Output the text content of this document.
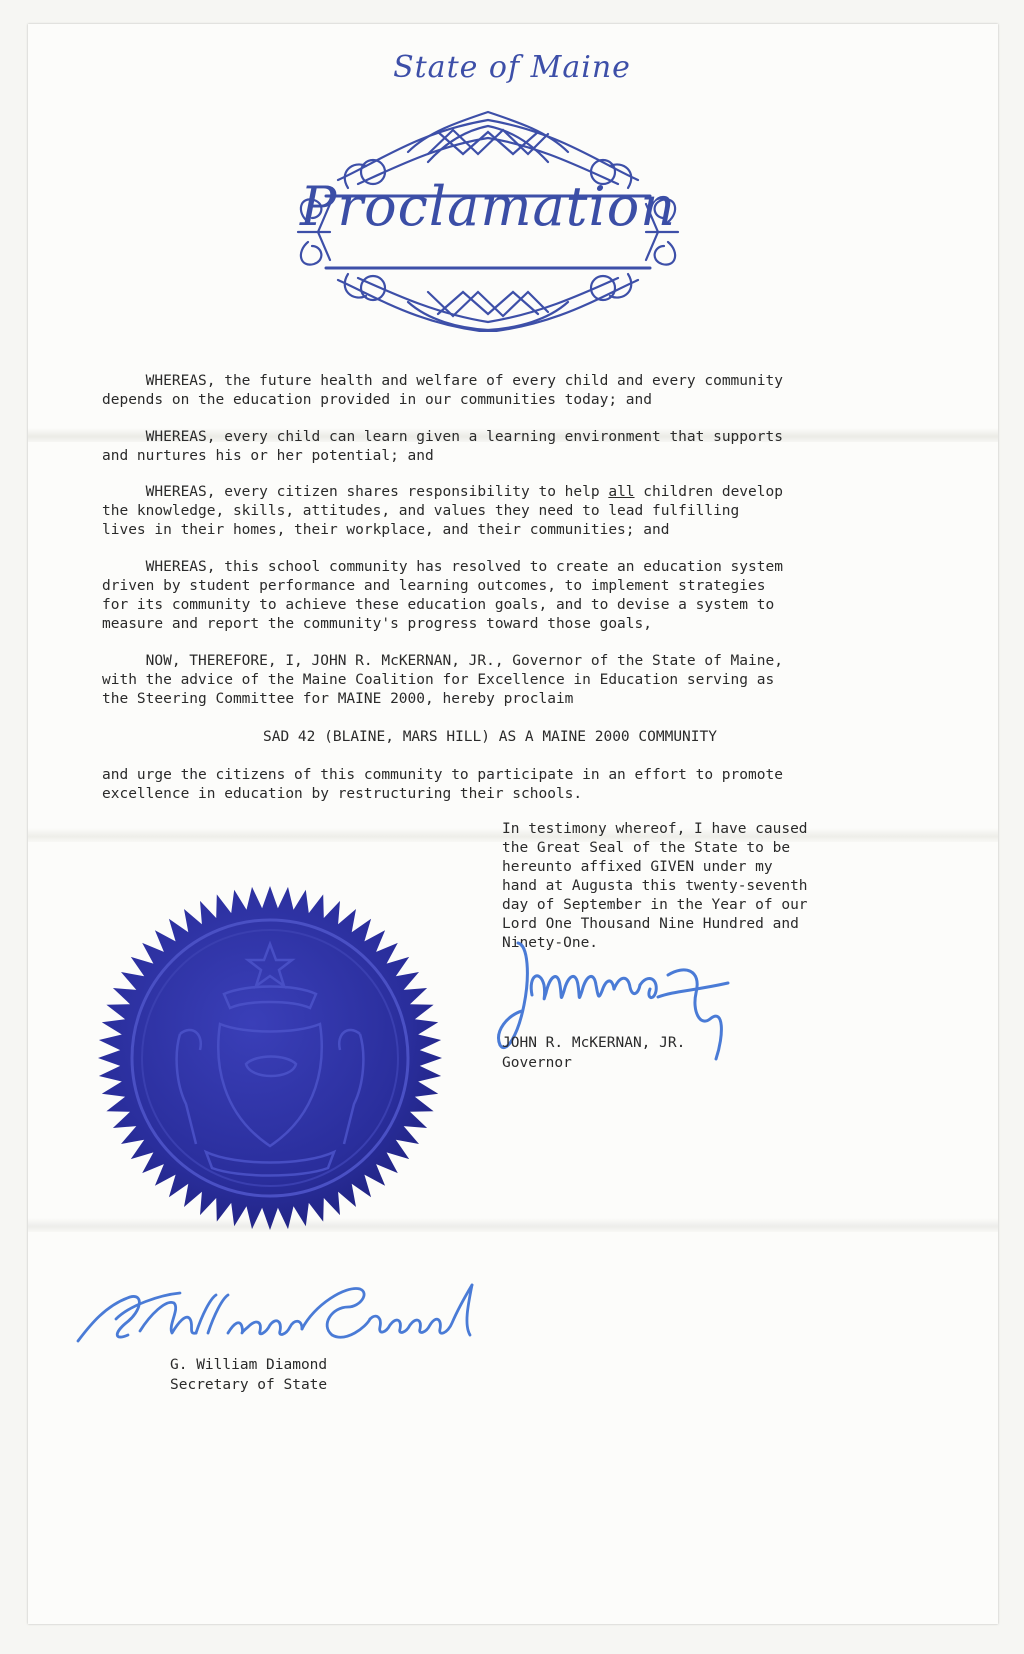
State of Maine
Proclamation

WHEREAS, the future health and welfare of every child and every community
depends on the education provided in our communities today; and

WHEREAS, every child can learn given a learning environment that supports
and nurtures his or her potential; and

WHEREAS, every citizen shares responsibility to help all children develop
the knowledge, skills, attitudes, and values they need to lead fulfilling
lives in their homes, their workplace, and their communities; and

WHEREAS, this school community has resolved to create an education system
driven by student performance and learning outcomes, to implement strategies
for its community to achieve these education goals, and to devise a system to
measure and report the community's progress toward those goals,

NOW, THEREFORE, I, JOHN R. McKERNAN, JR., Governor of the State of Maine,
with the advice of the Maine Coalition for Excellence in Education serving as
the Steering Committee for MAINE 2000, hereby proclaim

SAD 42 (BLAINE, MARS HILL) AS A MAINE 2000 COMMUNITY

and urge the citizens of this community to participate in an effort to promote
excellence in education by restructuring their schools.

In testimony whereof, I have caused
the Great Seal of the State to be
hereunto affixed GIVEN under my
hand at Augusta this twenty-seventh
day of September in the Year of our
Lord One Thousand Nine Hundred and
Ninety-One.

JOHN R. McKERNAN, JR.
Governor
G. William Diamond
Secretary of State
